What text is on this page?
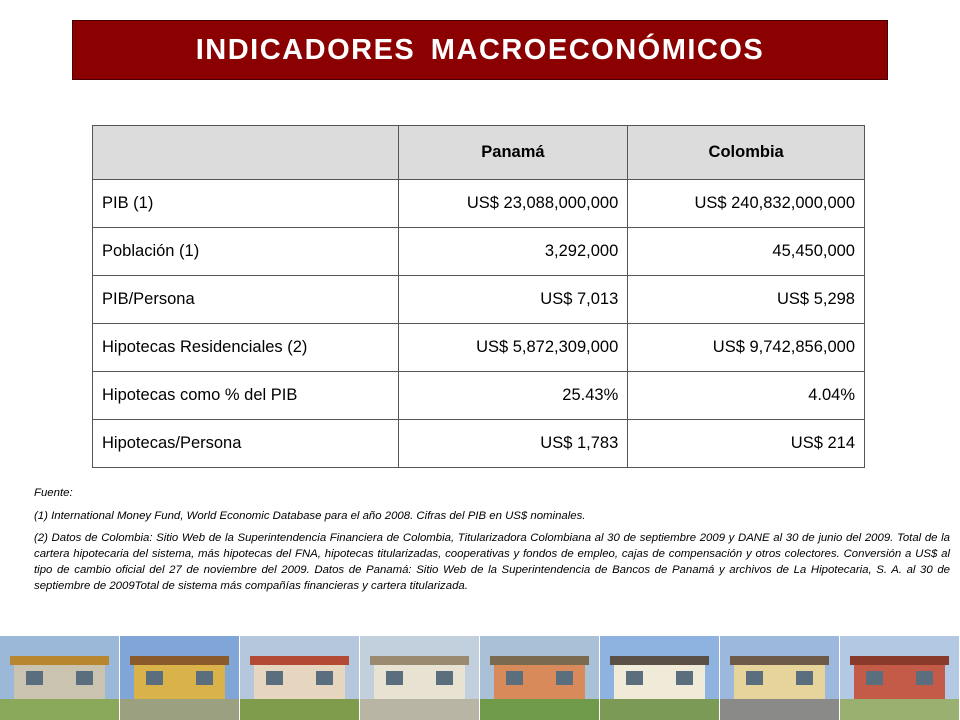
INDICADORES MACROECONÓMICOS
	Panamá	Colombia
PIB (1)	US$ 23,088,000,000	US$ 240,832,000,000
Población (1)	3,292,000	45,450,000
PIB/Persona	US$ 7,013	US$ 5,298
Hipotecas Residenciales (2)	US$ 5,872,309,000	US$ 9,742,856,000
Hipotecas como % del PIB	25.43%	4.04%
Hipotecas/Persona	US$ 1,783	US$ 214

Fuente:

(1) International Money Fund, World Economic Database para el año 2008. Cifras del PIB en US$ nominales.

(2) Datos de Colombia: Sitio Web de la Superintendencia Financiera de Colombia, Titularizadora Colombiana al 30 de septiembre 2009 y DANE al 30 de junio del 2009. Total de la cartera hipotecaria del sistema, más hipotecas del FNA, hipotecas titularizadas, cooperativas y fondos de empleo, cajas de compensación y otros colectores. Conversión a US$ al tipo de cambio oficial del 27 de noviembre del 2009. Datos de Panamá: Sitio Web de la Superintendencia de Bancos de Panamá y archivos de La Hipotecaria, S. A. al 30 de septiembre de 2009Total de sistema más compañías financieras y cartera titularizada.
